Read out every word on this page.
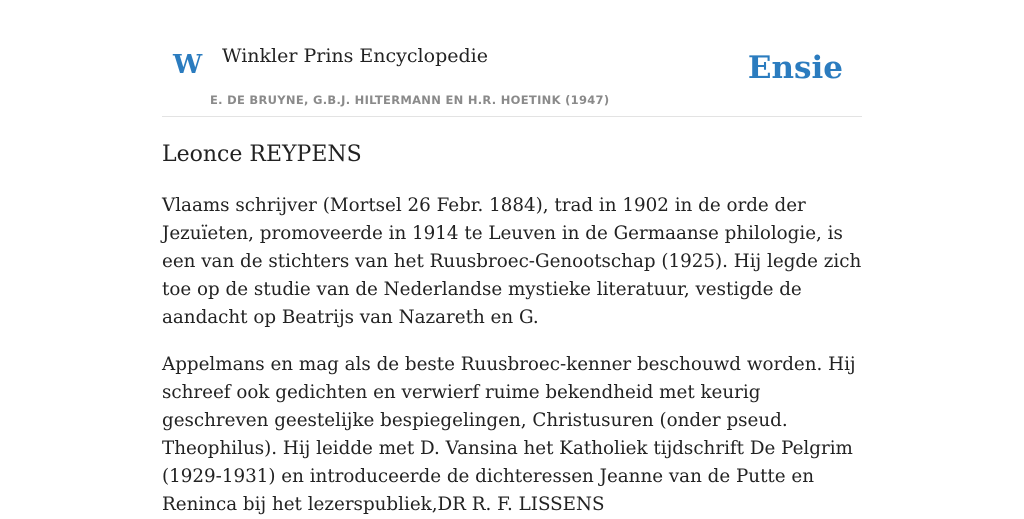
W Winkler Prins Encyclopedie
E. DE BRUYNE, G.B.J. HILTERMANN EN H.R. HOETINK (1947)
Ensie
Leonce REYPENS

Vlaams schrijver (Mortsel 26 Febr. 1884), trad in 1902 in de orde der Jezuïeten, promoveerde in 1914 te Leuven in de Germaanse philologie, is een van de stichters van het Ruusbroec-Genootschap (1925). Hij legde zich toe op de studie van de Nederlandse mystieke literatuur, vestigde de aandacht op Beatrijs van Nazareth en G.

Appelmans en mag als de beste Ruusbroec-kenner beschouwd worden. Hij schreef ook gedichten en verwierf ruime bekendheid met keurig geschreven geestelijke bespiegelingen, Christusuren (onder pseud. Theophilus). Hij leidde met D. Vansina het Katholiek tijdschrift De Pelgrim (1929-1931) en introduceerde de dichteressen Jeanne van de Putte en Reninca bij het lezerspubliek,DR R. F. LISSENS
